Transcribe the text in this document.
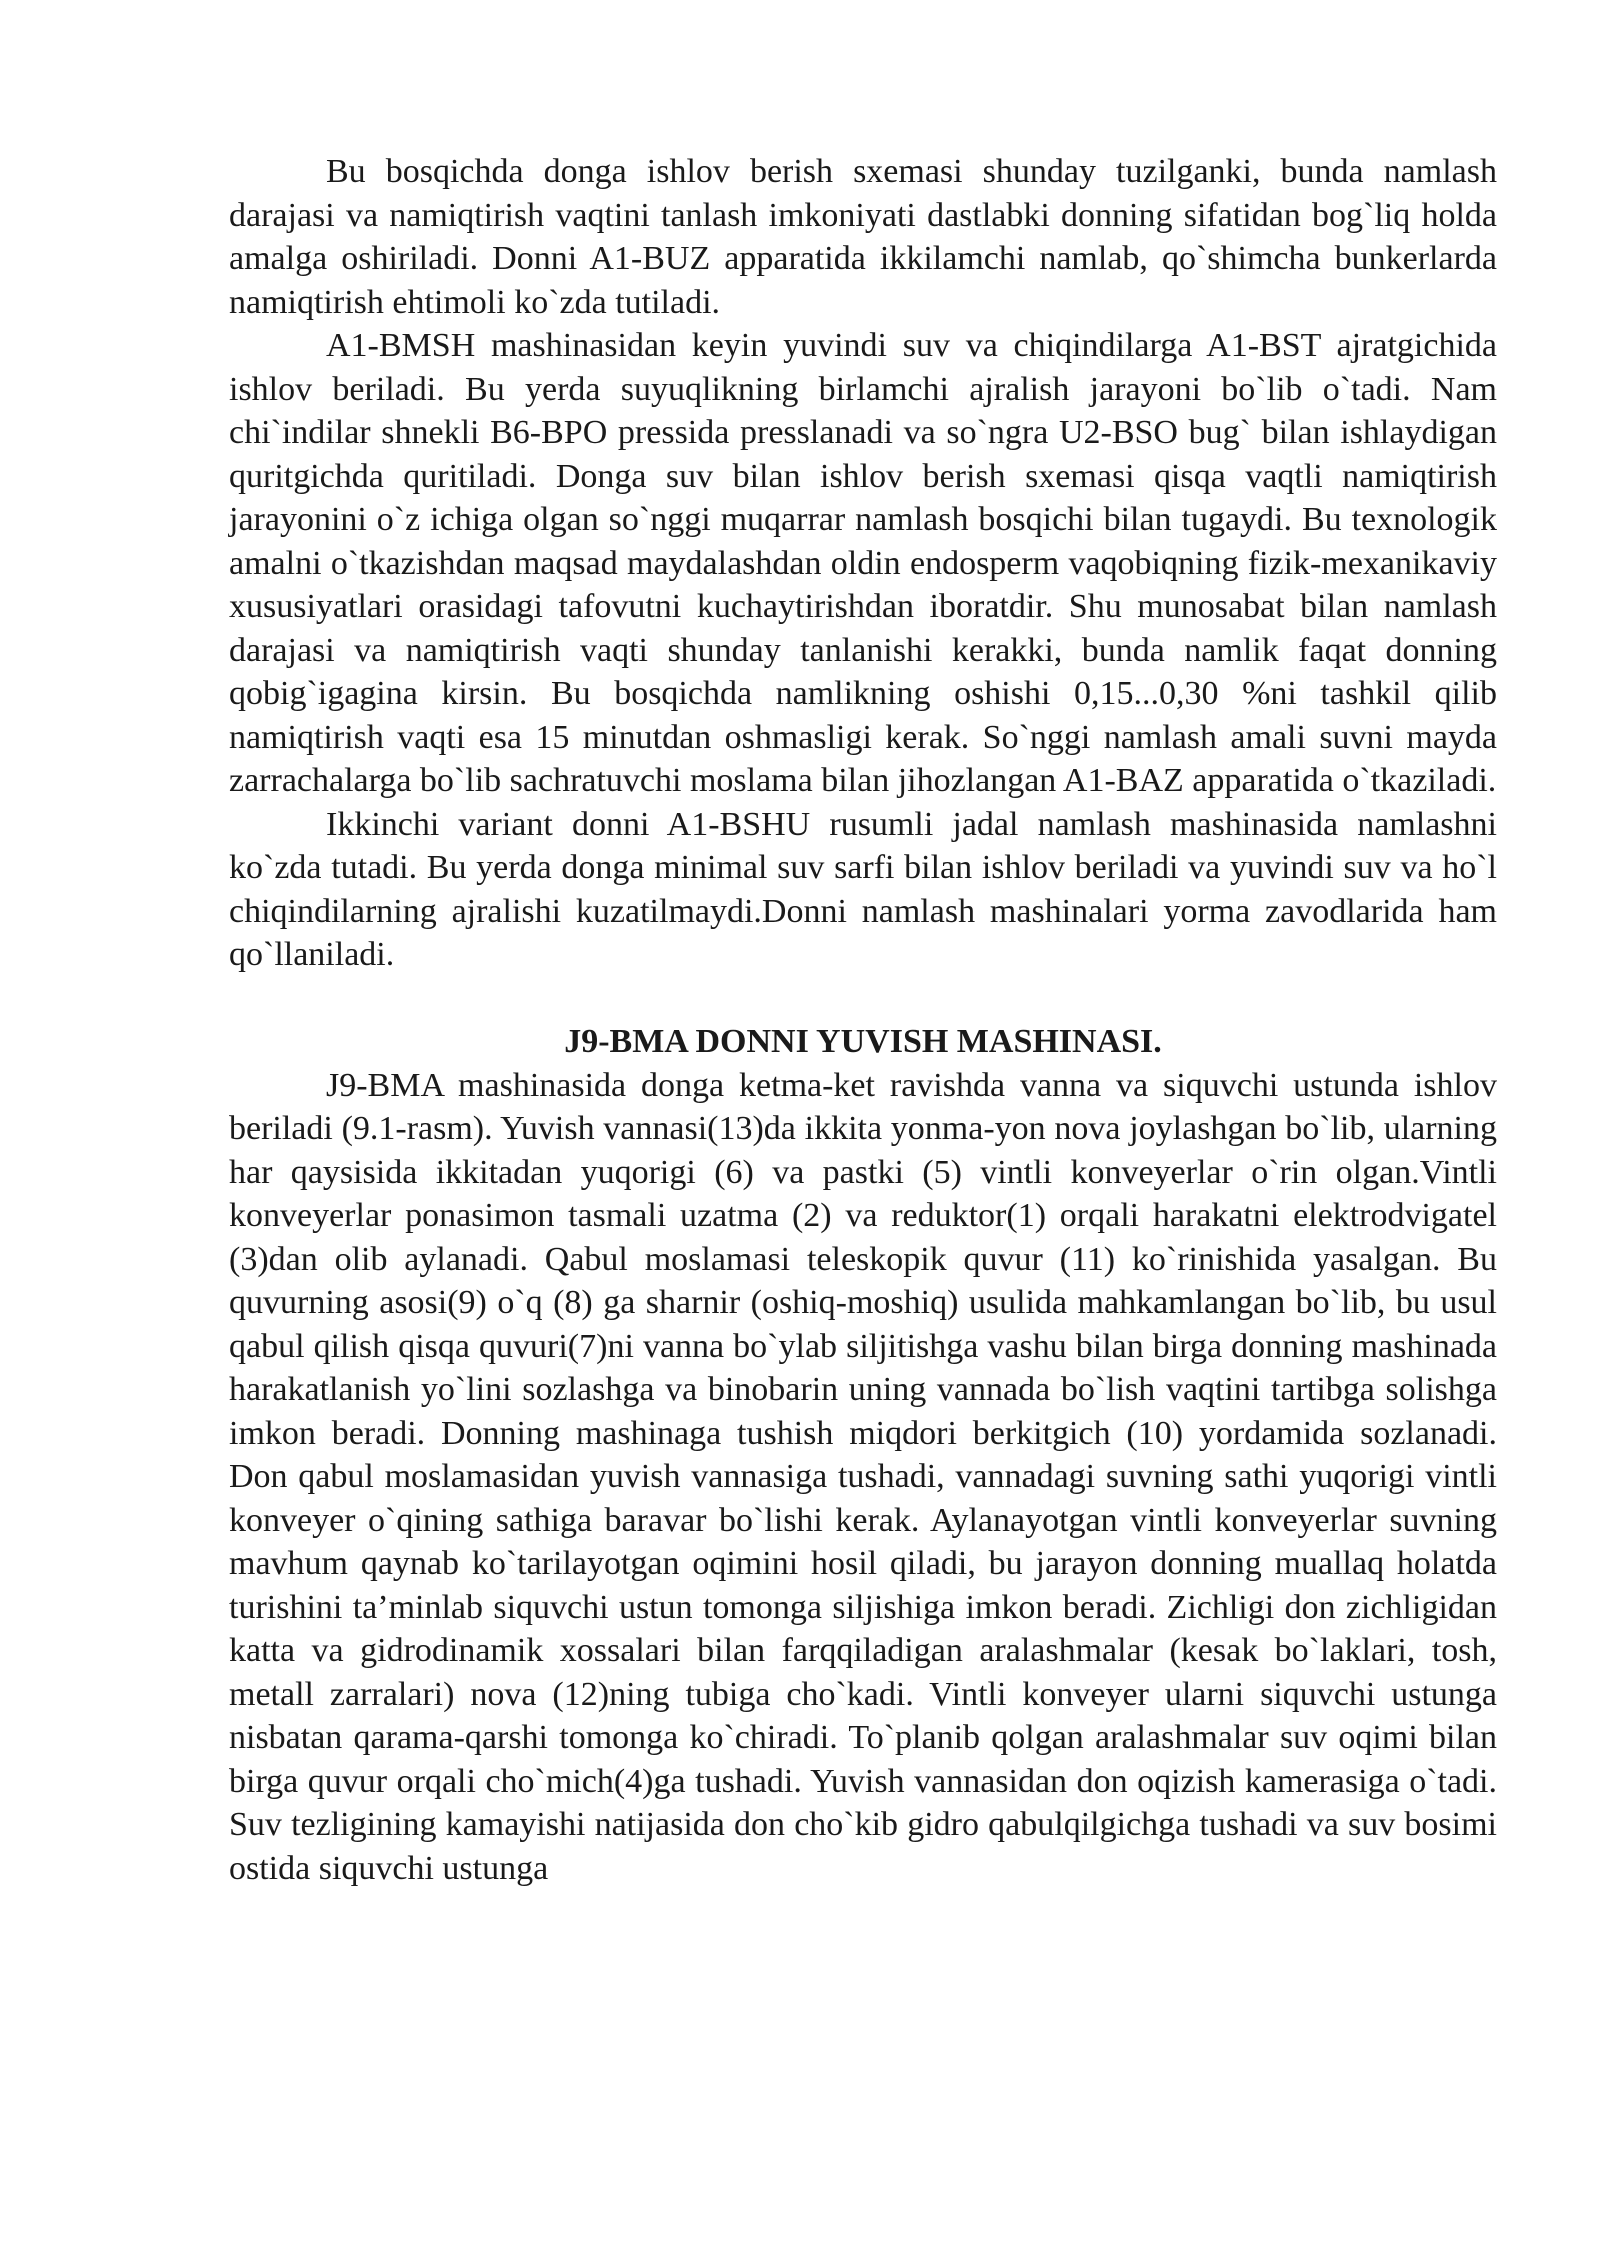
Bu bosqichda donga ishlov berish sxemasi shunday tuzilganki, bunda namlash darajasi va namiqtirish vaqtini tanlash imkoniyati dastlabki donning sifatidan bog`liq holda amalga oshiriladi. Donni A1-BUZ apparatida ikkilamchi namlab, qo`shimcha bunkerlarda namiqtirish ehtimoli ko`zda tutiladi.

A1-BMSH mashinasidan keyin yuvindi suv va chiqindilarga A1-BST ajratgichida ishlov beriladi. Bu yerda suyuqlikning birlamchi ajralish jarayoni bo`lib o`tadi. Nam chi`indilar shnekli B6-BPO pressida presslanadi va so`ngra U2-BSO bug` bilan ishlaydigan quritgichda quritiladi. Donga suv bilan ishlov berish sxemasi qisqa vaqtli namiqtirish jarayonini o`z ichiga olgan so`nggi muqarrar namlash bosqichi bilan tugaydi. Bu texnologik amalni o`tkazishdan maqsad maydalashdan oldin endosperm vaqobiqning fizik-mexanikaviy xususiyatlari orasidagi tafovutni kuchaytirishdan iboratdir. Shu munosabat bilan namlash darajasi va namiqtirish vaqti shunday tanlanishi kerakki, bunda namlik faqat donning qobig`igagina kirsin. Bu bosqichda namlikning oshishi 0,15...0,30 %ni tashkil qilib namiqtirish vaqti esa 15 minutdan oshmasligi kerak. So`nggi namlash amali suvni mayda zarrachalarga bo`lib sachratuvchi moslama bilan jihozlangan A1-BAZ apparatida o`tkaziladi.

Ikkinchi variant donni A1-BSHU rusumli jadal namlash mashinasida namlashni ko`zda tutadi. Bu yerda donga minimal suv sarfi bilan ishlov beriladi va yuvindi suv va ho`l chiqindilarning ajralishi kuzatilmaydi.Donni namlash mashinalari yorma zavodlarida ham qo`llaniladi.

J9-BMA DONNI YUVISH MASHINASI.

J9-BMA mashinasida donga ketma-ket ravishda vanna va siquvchi ustunda ishlov beriladi (9.1-rasm). Yuvish vannasi(13)da ikkita yonma-yon nova joylashgan bo`lib, ularning har qaysisida ikkitadan yuqorigi (6) va pastki (5) vintli konveyerlar o`rin olgan.Vintli konveyerlar ponasimon tasmali uzatma (2) va reduktor(1) orqali harakatni elektrodvigatel (3)dan olib aylanadi. Qabul moslamasi teleskopik quvur (11) ko`rinishida yasalgan. Bu quvurning asosi(9) o`q (8) ga sharnir (oshiq-moshiq) usulida mahkamlangan bo`lib, bu usul qabul qilish qisqa quvuri(7)ni vanna bo`ylab siljitishga vashu bilan birga donning mashinada harakatlanish yo`lini sozlashga va binobarin uning vannada bo`lish vaqtini tartibga solishga imkon beradi. Donning mashinaga tushish miqdori berkitgich (10) yordamida sozlanadi. Don qabul moslamasidan yuvish vannasiga tushadi, vannadagi suvning sathi yuqorigi vintli konveyer o`qining sathiga baravar bo`lishi kerak. Aylanayotgan vintli konveyerlar suvning mavhum qaynab ko`tarilayotgan oqimini hosil qiladi, bu jarayon donning muallaq holatda turishini ta’minlab siquvchi ustun tomonga siljishiga imkon beradi. Zichligi don zichligidan katta va gidrodinamik xossalari bilan farqqiladigan aralashmalar (kesak bo`laklari, tosh, metall zarralari) nova (12)ning tubiga cho`kadi. Vintli konveyer ularni siquvchi ustunga nisbatan qarama-qarshi tomonga ko`chiradi. To`planib qolgan aralashmalar suv oqimi bilan birga quvur orqali cho`mich(4)ga tushadi. Yuvish vannasidan don oqizish kamerasiga o`tadi. Suv tezligining kamayishi natijasida don cho`kib gidro qabulqilgichga tushadi va suv bosimi ostida siquvchi ustunga
